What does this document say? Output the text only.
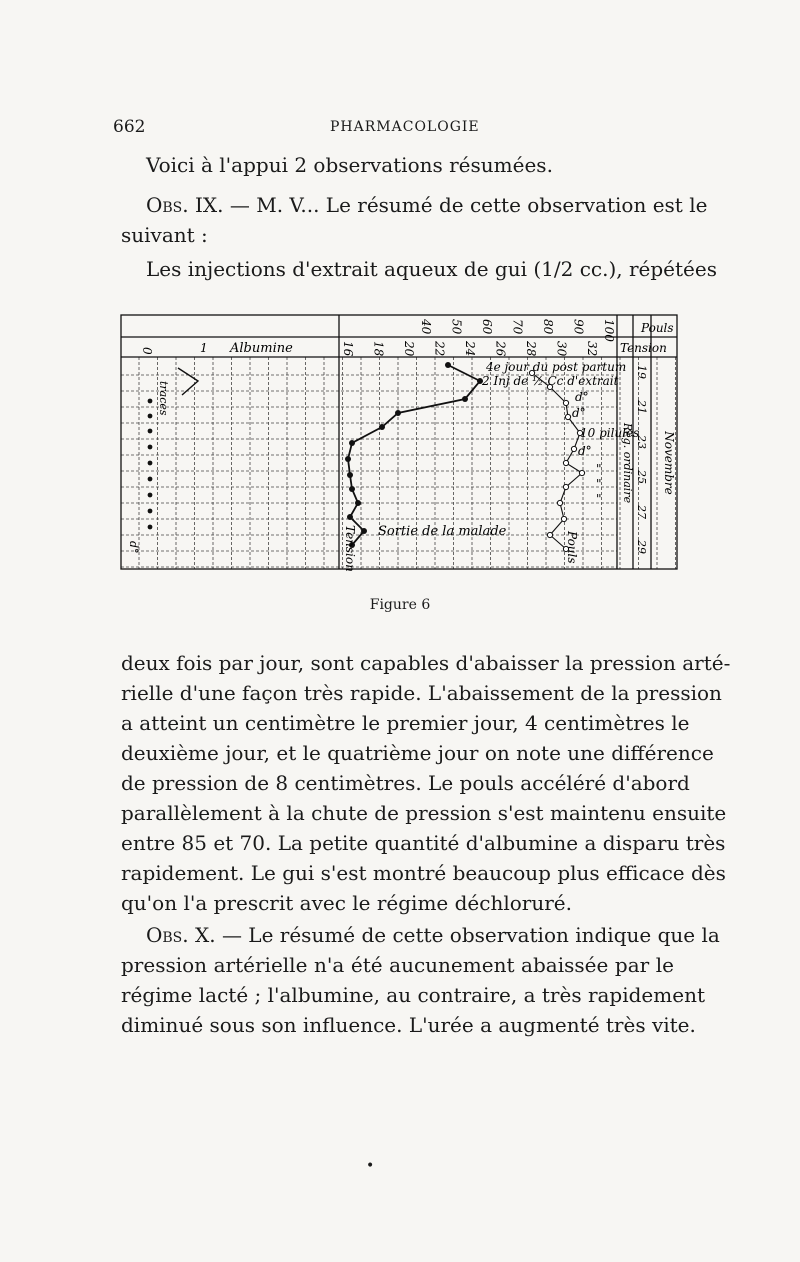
662	PHARMACOLOGIE

Voici à l'appui 2 observations résumées.

Obs. IX. — M. V... Le résumé de cette observation est le
suivant :

Les injections d'extrait aqueux de gui (1/2 cc.), répétées

0	1 Albumine	16 18 20 22 24 26 28 30 32
40 50 60 70 80 90 100
Tension
Pouls
19
21
23
25
27
29
Novembre
Rég. ordinaire
traces
d°
4e jour du post partum
2 Inj de ½ Cc d'extrait
d°
d°
10 pilules
d°
"
"
"
Sortie de la malade
Tension	Pouls
Figure 6

deux fois par jour, sont capables d'abaisser la pression arté-
rielle d'une façon très rapide. L'abaissement de la pression
a atteint un centimètre le premier jour, 4 centimètres le
deuxième jour, et le quatrième jour on note une différence
de pression de 8 centimètres. Le pouls accéléré d'abord
parallèlement à la chute de pression s'est maintenu ensuite
entre 85 et 70. La petite quantité d'albumine a disparu très
rapidement. Le gui s'est montré beaucoup plus efficace dès
qu'on l'a prescrit avec le régime déchloruré.

Obs. X. — Le résumé de cette observation indique que la
pression artérielle n'a été aucunement abaissée par le
régime lacté ; l'albumine, au contraire, a très rapidement
diminué sous son influence. L'urée a augmenté très vite.

•
